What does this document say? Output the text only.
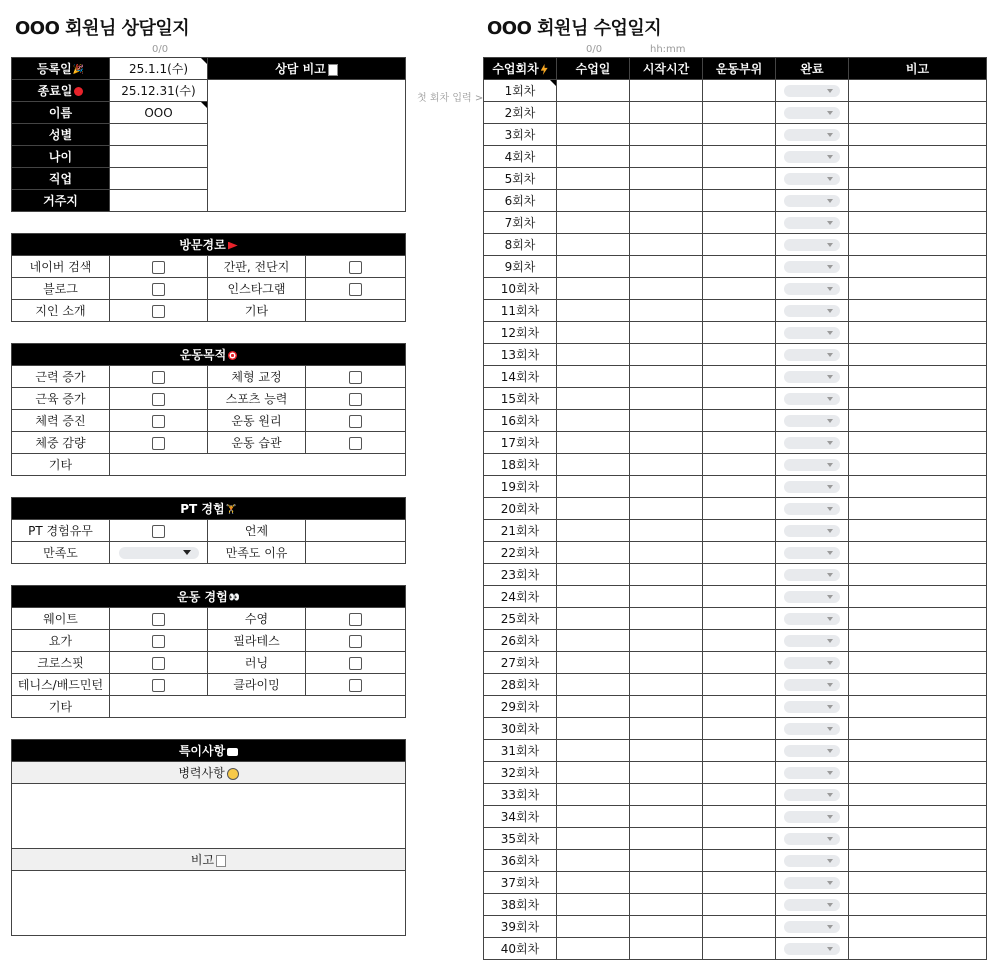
OOO 회원님 상담일지	OOO 회원님 수업일지
0/0	0/0	hh:mm
첫 회차 입력 >
등록일🎉	25.1.1(수)	상담 비고
종료일	25.12.31(수)	
이름	OOO	
성별		
나이		
직업		
거주지		
방문경로			
네이버 검색		간판, 전단지	
블로그		인스타그램	
지인 소개		기타	
운동목적			
근력 증가		체형 교정	
근육 증가		스포츠 능력	
체력 증진		운동 원리	
체중 감량		운동 습관	
기타			
PT 경험🏋			
PT 경험유무		언제	
만족도		만족도 이유	
운동 경험👀			
웨이트		수영	
요가		필라테스	
크로스핏		러닝	
테니스/배드민턴		클라이밍	
기타			
특이사항
병력사항

비고

수업회차	수업일	시작시간	운동부위	완료	비고
1회차				

2회차				

3회차				

4회차				

5회차				

6회차				

7회차				

8회차				

9회차				

10회차				

11회차				

12회차				

13회차				

14회차				

15회차				

16회차				

17회차				

18회차				

19회차				

20회차				

21회차				

22회차				

23회차				

24회차				

25회차				

26회차				

27회차				

28회차				

29회차				

30회차				

31회차				

32회차				

33회차				

34회차				

35회차				

36회차				

37회차				

38회차				

39회차				

40회차				
